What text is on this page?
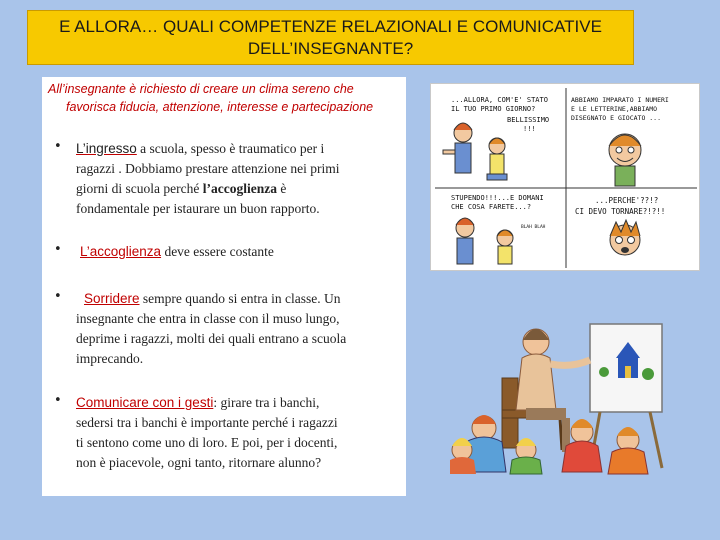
E ALLORA… QUALI COMPETENZE RELAZIONALI E COMUNICATIVE
DELL’INSEGNANTE?
All’insegnante è richiesto di creare un clima sereno che
favorisca fiducia, attenzione, interesse e partecipazione
• L’ingresso a scuola, spesso è traumatico per i
ragazzi . Dobbiamo prestare attenzione nei primi
giorni di scuola perché l’accoglienza è
fondamentale per istaurare un buon rapporto.
• L’accoglienza deve essere costante
•	Sorridere sempre quando si entra in classe. Un
insegnante che entra in classe con il muso lungo,
deprime i ragazzi, molti dei quali entrano a scuola
imprecando.
• Comunicare con i gesti: girare tra i banchi,
sedersi tra i banchi è importante perché i ragazzi
ti sentono come uno di loro. E poi, per i docenti,
non è piacevole, ogni tanto, ritornare alunno?
...ALLORA, COM'E' STATO
IL TUO PRIMO GIORNO?
BELLISSIMO
!!!
ABBIAMO IMPARATO I NUMERI
E LE LETTERINE,ABBIAMO
DISEGNATO E GIOCATO ...
STUPENDO!!!...E DOMANI
CHE COSA FARETE...?
BLAH BLAH
...PERCHE'??!?
CI DEVO TORNARE?!?!!
